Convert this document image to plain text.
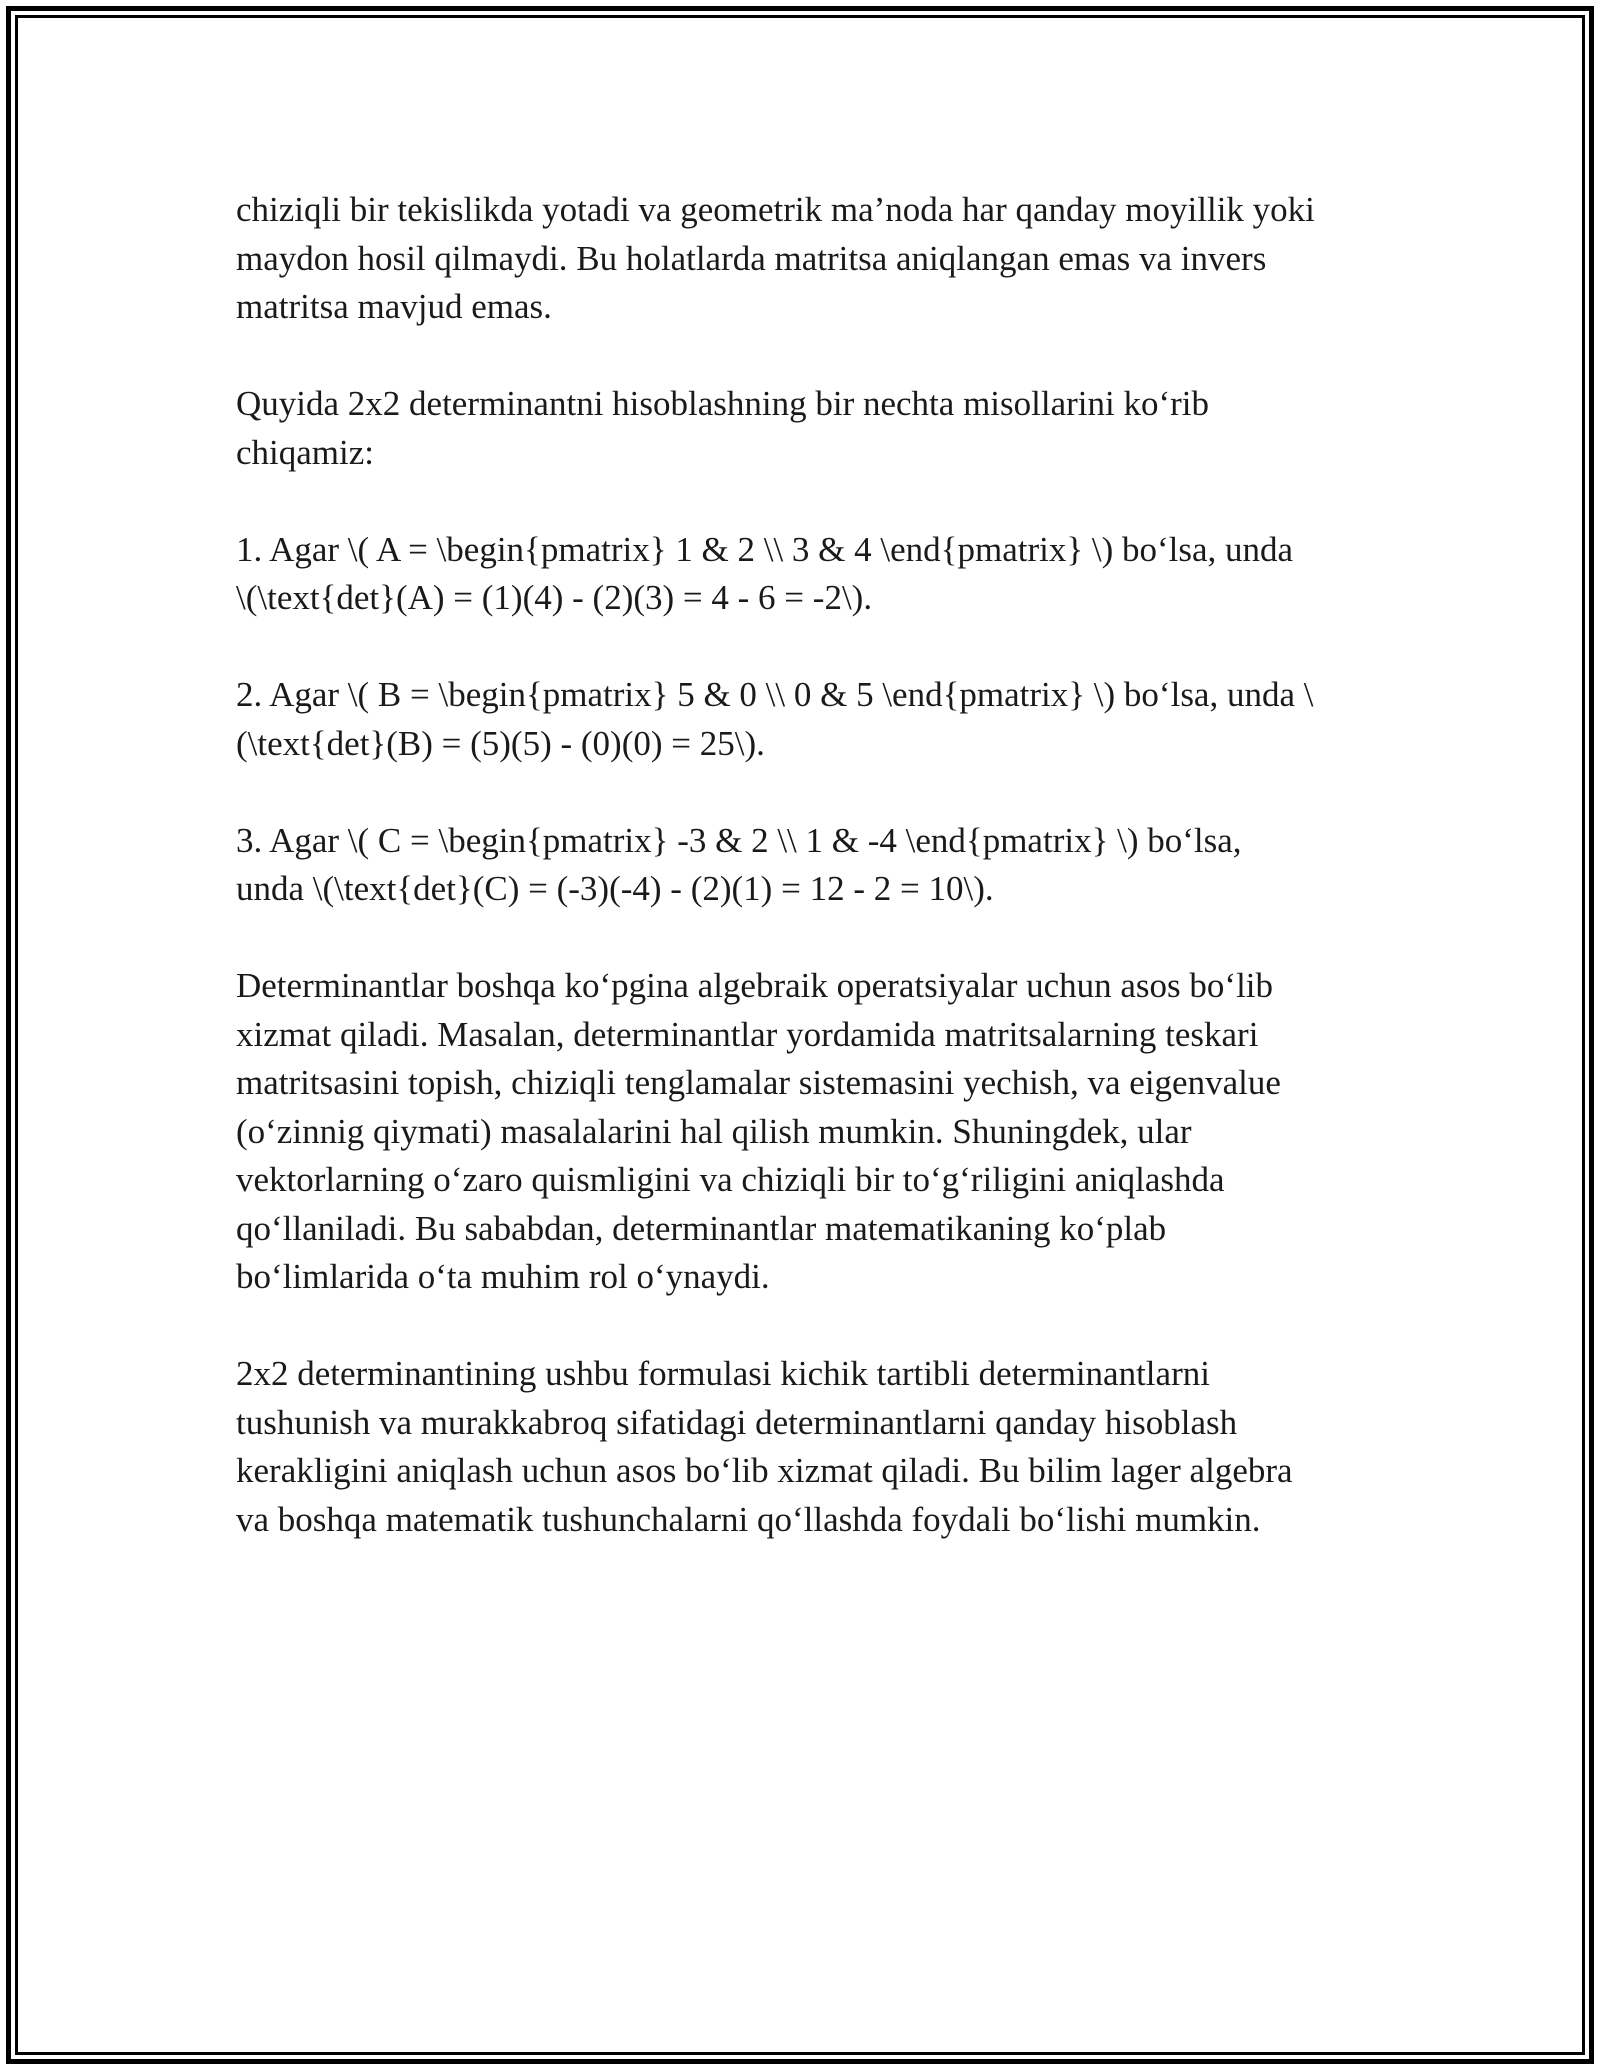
chiziqli bir tekislikda yotadi va geometrik ma’noda har qanday moyillik yoki
maydon hosil qilmaydi. Bu holatlarda matritsa aniqlangan emas va invers
matritsa mavjud emas.

Quyida 2x2 determinantni hisoblashning bir nechta misollarini ko‘rib
chiqamiz:

1. Agar \( A = \begin{pmatrix} 1 & 2 \\ 3 & 4 \end{pmatrix} \) bo‘lsa, unda
\(\text{det}(A) = (1)(4) - (2)(3) = 4 - 6 = -2\).

2. Agar \( B = \begin{pmatrix} 5 & 0 \\ 0 & 5 \end{pmatrix} \) bo‘lsa, unda \
(\text{det}(B) = (5)(5) - (0)(0) = 25\).

3. Agar \( C = \begin{pmatrix} -3 & 2 \\ 1 & -4 \end{pmatrix} \) bo‘lsa,
unda \(\text{det}(C) = (-3)(-4) - (2)(1) = 12 - 2 = 10\).

Determinantlar boshqa ko‘pgina algebraik operatsiyalar uchun asos bo‘lib
xizmat qiladi. Masalan, determinantlar yordamida matritsalarning teskari
matritsasini topish, chiziqli tenglamalar sistemasini yechish, va eigenvalue
(o‘zinnig qiymati) masalalarini hal qilish mumkin. Shuningdek, ular
vektorlarning o‘zaro quismligini va chiziqli bir to‘g‘riligini aniqlashda
qo‘llaniladi. Bu sababdan, determinantlar matematikaning ko‘plab
bo‘limlarida o‘ta muhim rol o‘ynaydi.

2x2 determinantining ushbu formulasi kichik tartibli determinantlarni
tushunish va murakkabroq sifatidagi determinantlarni qanday hisoblash
kerakligini aniqlash uchun asos bo‘lib xizmat qiladi. Bu bilim lager algebra
va boshqa matematik tushunchalarni qo‘llashda foydali bo‘lishi mumkin.
